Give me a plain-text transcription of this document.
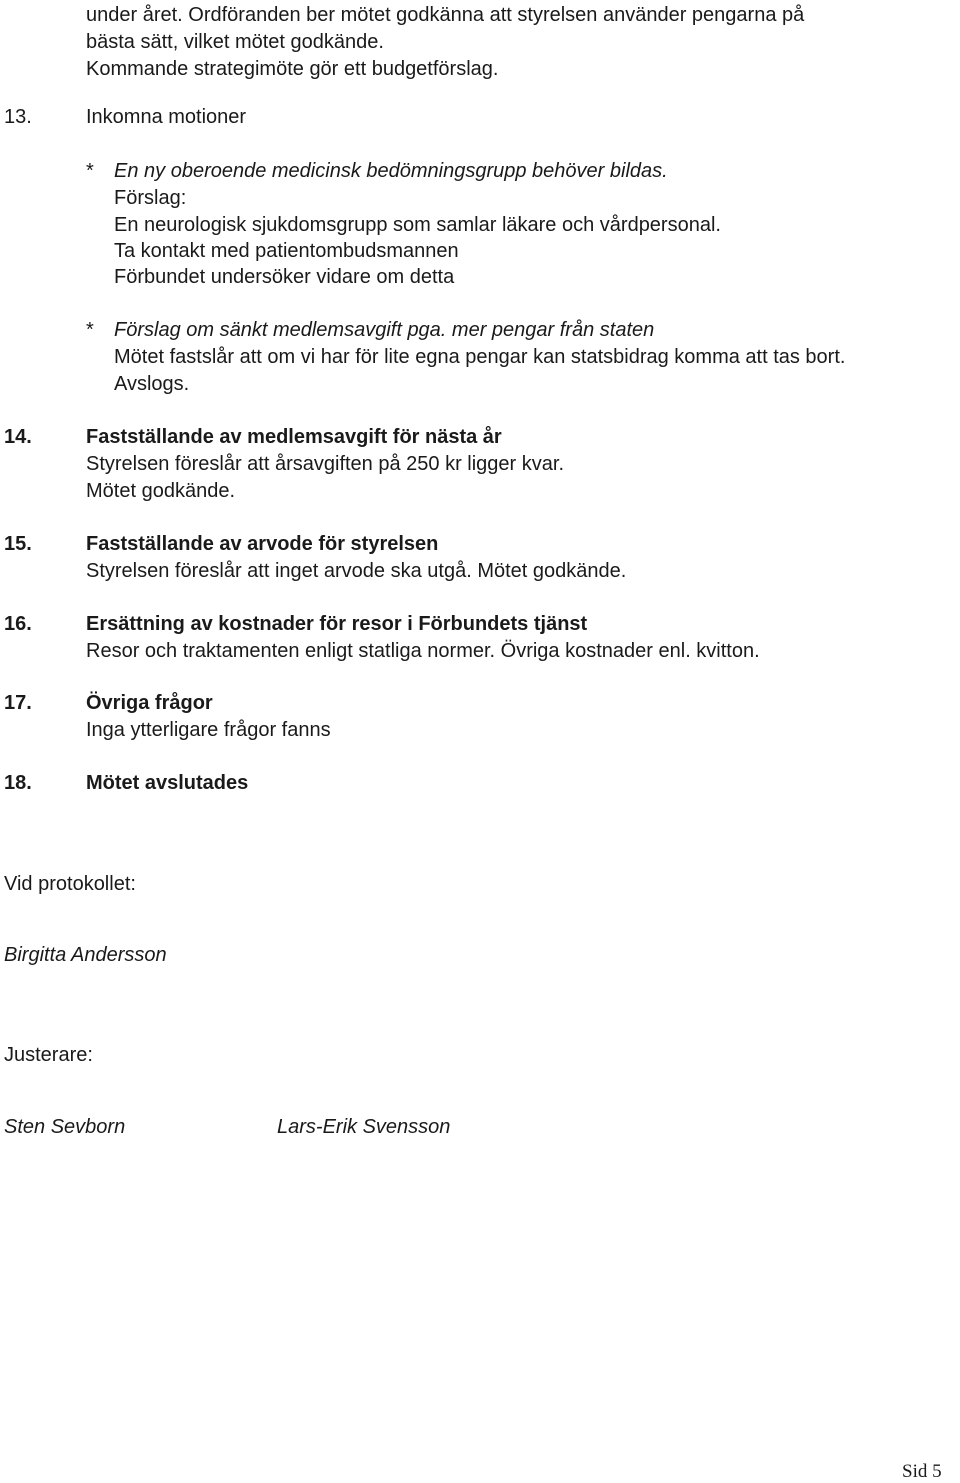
under året. Ordföranden ber mötet godkänna att styrelsen använder pengarna på
bästa sätt, vilket mötet godkände.
Kommande strategimöte gör ett budgetförslag.
13.	Inkomna motioner
* En ny oberoende medicinsk bedömningsgrupp behöver bildas.
Förslag:
En neurologisk sjukdomsgrupp som samlar läkare och vårdpersonal.
Ta kontakt med patientombudsmannen
Förbundet undersöker vidare om detta
* Förslag om sänkt medlemsavgift pga. mer pengar från staten
Mötet fastslår att om vi har för lite egna pengar kan statsbidrag komma att tas bort.
Avslogs.
14.	Fastställande av medlemsavgift för nästa år
Styrelsen föreslår att årsavgiften på 250 kr ligger kvar.
Mötet godkände.
15.	Fastställande av arvode för styrelsen
Styrelsen föreslår att inget arvode ska utgå. Mötet godkände.
16.	Ersättning av kostnader för resor i Förbundets tjänst
Resor och traktamenten enligt statliga normer. Övriga kostnader enl. kvitton.
17.	Övriga frågor
Inga ytterligare frågor fanns
18.	Mötet avslutades
Vid protokollet:
Birgitta Andersson
Justerare:
Sten Sevborn	Lars-Erik Svensson
Sid 5
